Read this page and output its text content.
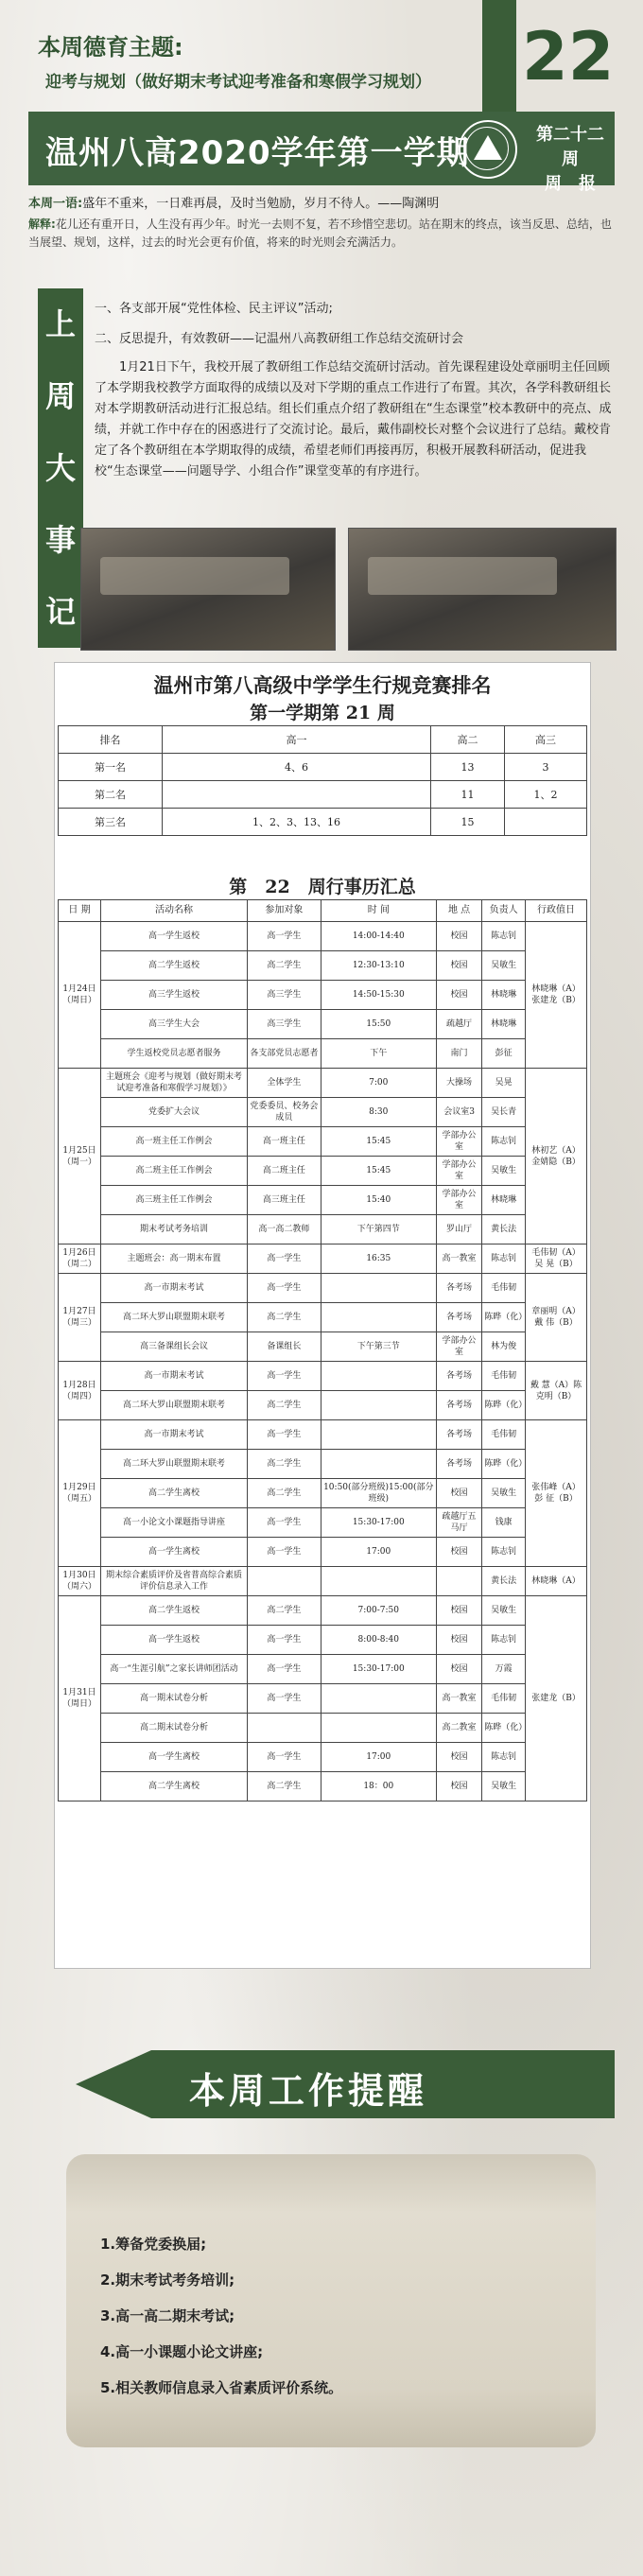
本周德育主题:
迎考与规划（做好期末考试迎考准备和寒假学习规划） 22
温州八高2020学年第一学期	第二十二周
周　报
本周一语:盛年不重来，一日难再晨，及时当勉励，岁月不待人。——陶渊明
解释:花儿还有重开日，人生没有再少年。时光一去则不复，若不珍惜空悲切。站在期末的终点，该当反思、总结，也当展望、规划，这样，过去的时光会更有价值，将来的时光则会充满活力。
上
周
大
事
记
一、各支部开展“党性体检、民主评议”活动;
二、反思提升，有效教研——记温州八高教研组工作总结交流研讨会
1月21日下午，我校开展了教研组工作总结交流研讨活动。首先课程建设处章丽明主任回顾了本学期我校教学方面取得的成绩以及对下学期的重点工作进行了布置。其次，各学科教研组长对本学期教研活动进行汇报总结。组长们重点介绍了教研组在“生态课堂”校本教研中的亮点、成绩，并就工作中存在的困惑进行了交流讨论。最后，戴伟副校长对整个会议进行了总结。戴校肯定了各个教研组在本学期取得的成绩，希望老师们再接再厉，积极开展教科研活动，促进我校“生态课堂——问题导学、小组合作”课堂变革的有序进行。
温州市第八高级中学学生行规竞赛排名
第一学期第 21 周
排名	高一	高二	高三
第一名	4、6	13	3
第二名		11	1、2
第三名	1、2、3、13、16	15	
第　22　周行事历汇总
日 期	活动名称	参加对象	时 间	地 点	负责人	行政值日
1月24日（周日）	高一学生返校	高一学生	14:00-14:40	校园	陈志钊	林晓琳（A）张建龙（B）
	高二学生返校	高二学生	12:30-13:10	校园	吴敏生	
	高三学生返校	高三学生	14:50-15:30	校园	林晓琳	
	高三学生大会	高三学生	15:50	疏越厅	林晓琳	
	学生返校党员志愿者服务	各支部党员志愿者	下午	南门	彭征	
1月25日（周一）	主题班会《迎考与规划（做好期末考试迎考准备和寒假学习规划）》	全体学生	7:00	大操场	吴晃	林初艺（A）金婧隐（B）
	党委扩大会议	党委委员、校务会成员	8:30	会议室3	吴长青	
	高一班主任工作例会	高一班主任	15:45	学部办公室	陈志钊	
	高二班主任工作例会	高二班主任	15:45	学部办公室	吴敏生	
	高三班主任工作例会	高三班主任	15:40	学部办公室	林晓琳	
	期末考试考务培训	高一高二教师	下午第四节	罗山厅	黄长法	
1月26日（周二）	主题班会：高一期末布置	高一学生	16:35	高一教室	陈志钊	毛伟韧（A）吴 晃（B）
1月27日（周三）	高一市期末考试	高一学生		各考场	毛伟韧	章丽明（A）戴 伟（B）
	高二环大罗山联盟期末联考	高二学生		各考场	陈晔（化）	
	高三备课组长会议	备课组长	下午第三节	学部办公室	林为俊	
1月28日（周四）	高一市期末考试	高一学生		各考场	毛伟韧	戴 慧（A）陈克明（B）
	高二环大罗山联盟期末联考	高二学生		各考场	陈晔（化）	
1月29日（周五）	高一市期末考试	高一学生		各考场	毛伟韧	张伟峰（A）彭 征（B）
	高二环大罗山联盟期末联考	高二学生		各考场	陈晔（化）	
	高二学生离校	高二学生	10:50(部分班级)15:00(部分班级)	校园	吴敏生	
	高一小论文小课题指导讲座	高一学生	15:30-17:00	疏越厅五马厅	钱康	
	高一学生离校	高一学生	17:00	校园	陈志钊	
1月30日（周六）	期末综合素质评价及省普高综合素质评价信息录入工作				黄长法	林晓琳（A）
1月31日（周日）	高二学生返校	高二学生	7:00-7:50	校园	吴敏生	张建龙（B）
	高一学生返校	高一学生	8:00-8:40	校园	陈志钊	
	高一“生涯引航”之家长讲师团活动	高一学生	15:30-17:00	校园	万霞	
	高一期末试卷分析	高一学生		高一教室	毛伟韧	
	高二期末试卷分析			高二教室	陈晔（化）	
	高一学生离校	高一学生	17:00	校园	陈志钊	
	高二学生离校	高二学生	18：00	校园	吴敏生	
本周工作提醒
1.筹备党委换届;
2.期末考试考务培训;
3.高一高二期末考试;
4.高一小课题小论文讲座;
5.相关教师信息录入省素质评价系统。
